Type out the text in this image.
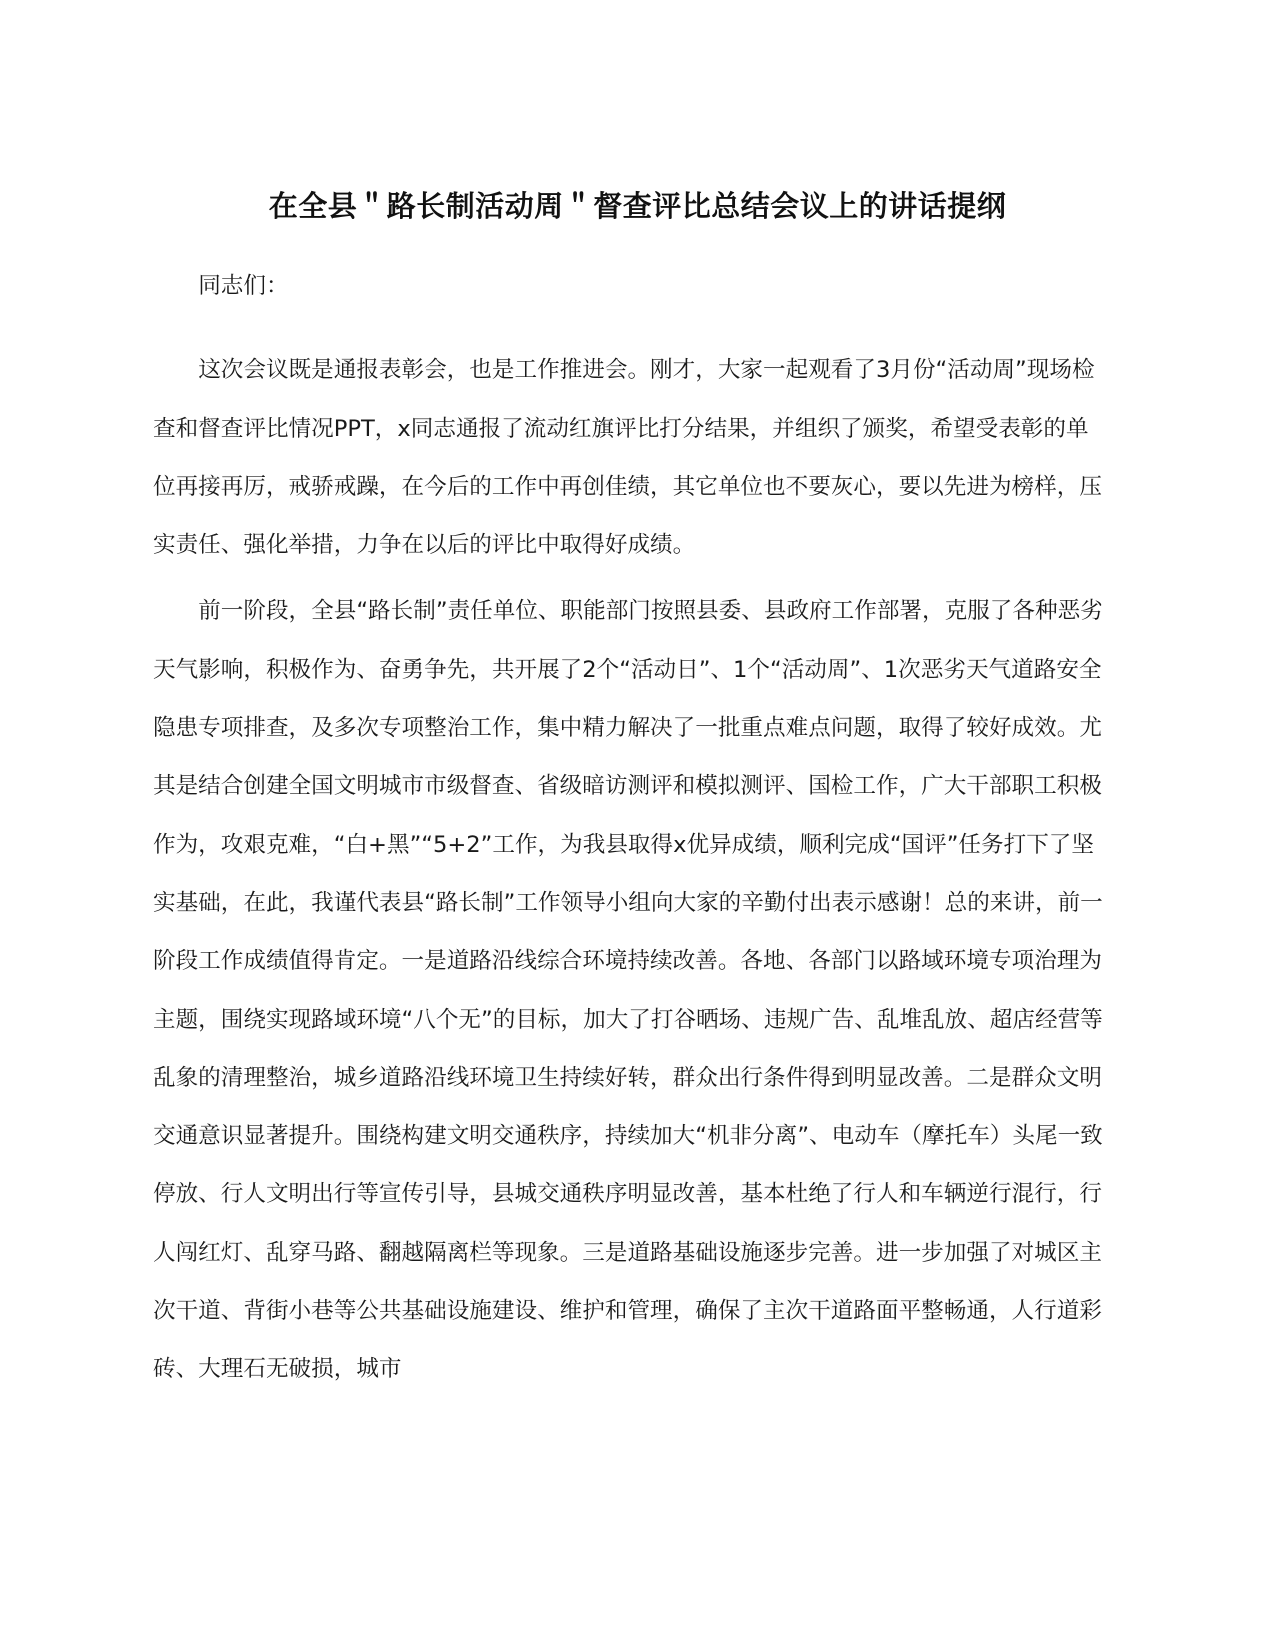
在全县＂路长制活动周＂督查评比总结会议上的讲话提纲

同志们：

这次会议既是通报表彰会，也是工作推进会。刚才，大家一起观看了3月份“活动周”现场检查和督查评比情况PPT，x同志通报了流动红旗评比打分结果，并组织了颁奖，希望受表彰的单位再接再厉，戒骄戒躁，在今后的工作中再创佳绩，其它单位也不要灰心，要以先进为榜样，压实责任、强化举措，力争在以后的评比中取得好成绩。

前一阶段，全县“路长制”责任单位、职能部门按照县委、县政府工作部署，克服了各种恶劣天气影响，积极作为、奋勇争先，共开展了2个“活动日”、1个“活动周”、1次恶劣天气道路安全隐患专项排查，及多次专项整治工作，集中精力解决了一批重点难点问题，取得了较好成效。尤其是结合创建全国文明城市市级督查、省级暗访测评和模拟测评、国检工作，广大干部职工积极作为，攻艰克难，“白+黑”“5+2”工作，为我县取得x优异成绩，顺利完成“国评”任务打下了坚实基础，在此，我谨代表县“路长制”工作领导小组向大家的辛勤付出表示感谢！总的来讲，前一阶段工作成绩值得肯定。一是道路沿线综合环境持续改善。各地、各部门以路域环境专项治理为主题，围绕实现路域环境“八个无”的目标，加大了打谷晒场、违规广告、乱堆乱放、超店经营等乱象的清理整治，城乡道路沿线环境卫生持续好转，群众出行条件得到明显改善。二是群众文明交通意识显著提升。围绕构建文明交通秩序，持续加大“机非分离”、电动车（摩托车）头尾一致停放、行人文明出行等宣传引导，县城交通秩序明显改善，基本杜绝了行人和车辆逆行混行，行人闯红灯、乱穿马路、翻越隔离栏等现象。三是道路基础设施逐步完善。进一步加强了对城区主次干道、背街小巷等公共基础设施建设、维护和管理，确保了主次干道路面平整畅通，人行道彩砖、大理石无破损，城市
